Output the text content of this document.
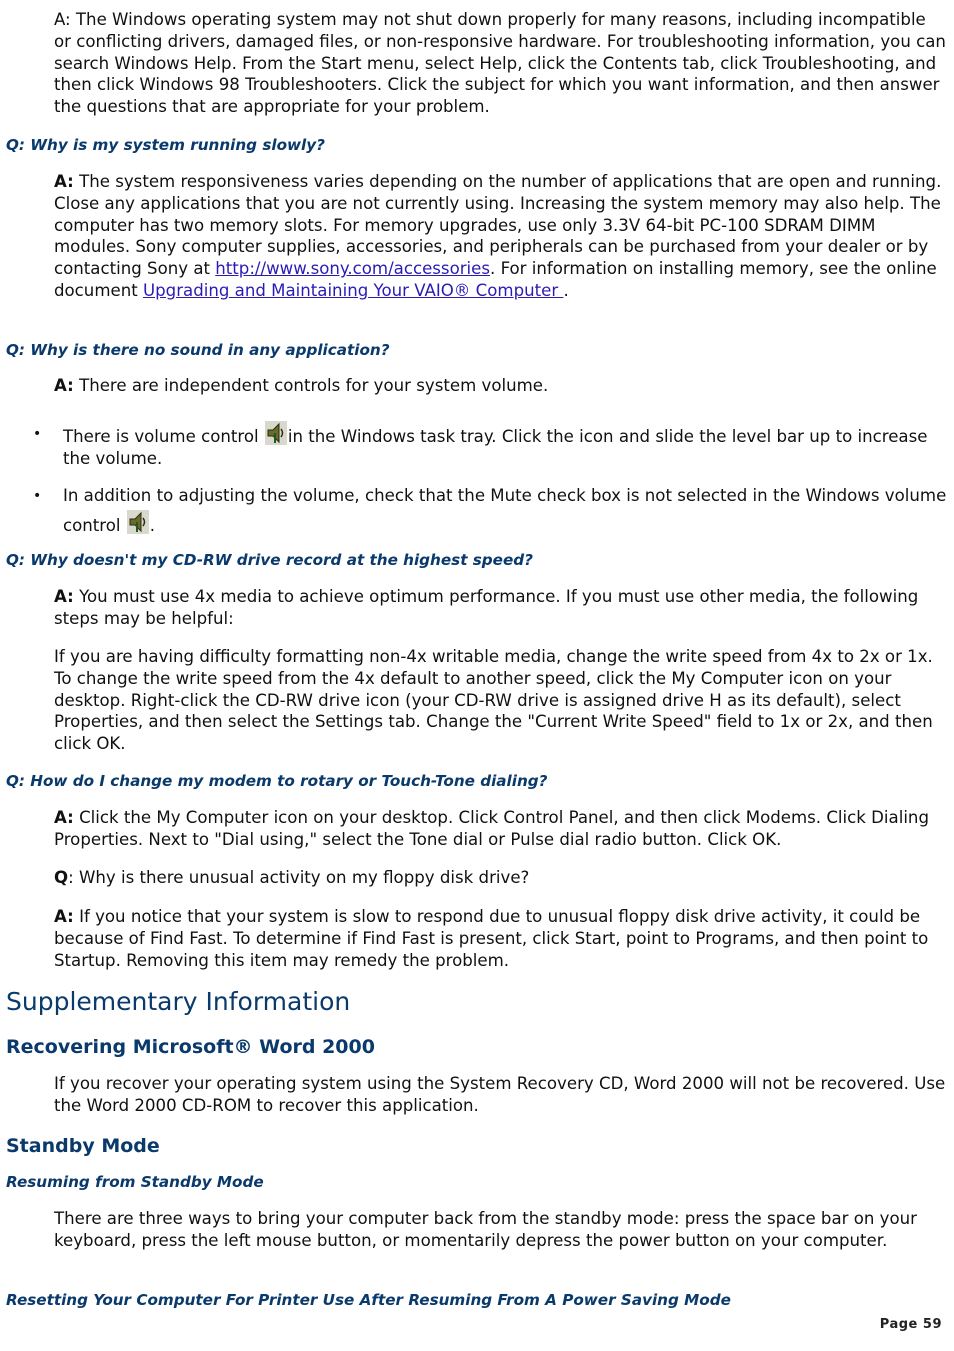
A: The Windows operating system may not shut down properly for many reasons, including incompatible or conflicting drivers, damaged files, or non-responsive hardware. For troubleshooting information, you can search Windows Help. From the Start menu, select Help, click the Contents tab, click Troubleshooting, and then click Windows 98 Troubleshooters. Click the subject for which you want information, and then answer the questions that are appropriate for your problem.

Q: Why is my system running slowly?

A: The system responsiveness varies depending on the number of applications that are open and running. Close any applications that you are not currently using. Increasing the system memory may also help. The computer has two memory slots. For memory upgrades, use only 3.3V 64-bit PC-100 SDRAM DIMM modules. Sony computer supplies, accessories, and peripherals can be purchased from your dealer or by contacting Sony at http://www.sony.com/accessories. For information on installing memory, see the online document Upgrading and Maintaining Your VAIO® Computer .

Q: Why is there no sound in any application?

A: There are independent controls for your system volume.

• There is volume control in the Windows task tray. Click the icon and slide the level bar up to increase the volume.

• In addition to adjusting the volume, check that the Mute check box is not selected in the Windows volume control .

Q: Why doesn't my CD-RW drive record at the highest speed?

A: You must use 4x media to achieve optimum performance. If you must use other media, the following steps may be helpful:

If you are having difficulty formatting non-4x writable media, change the write speed from 4x to 2x or 1x. To change the write speed from the 4x default to another speed, click the My Computer icon on your desktop. Right-click the CD-RW drive icon (your CD-RW drive is assigned drive H as its default), select Properties, and then select the Settings tab. Change the "Current Write Speed" field to 1x or 2x, and then click OK.

Q: How do I change my modem to rotary or Touch-Tone dialing?

A: Click the My Computer icon on your desktop. Click Control Panel, and then click Modems. Click Dialing Properties. Next to "Dial using," select the Tone dial or Pulse dial radio button. Click OK.

Q: Why is there unusual activity on my floppy disk drive?

A: If you notice that your system is slow to respond due to unusual floppy disk drive activity, it could be because of Find Fast. To determine if Find Fast is present, click Start, point to Programs, and then point to Startup. Removing this item may remedy the problem.

Supplementary Information
Recovering Microsoft® Word 2000

If you recover your operating system using the System Recovery CD, Word 2000 will not be recovered. Use the Word 2000 CD-ROM to recover this application.

Standby Mode

Resuming from Standby Mode

There are three ways to bring your computer back from the standby mode: press the space bar on your keyboard, press the left mouse button, or momentarily depress the power button on your computer.

Resetting Your Computer For Printer Use After Resuming From A Power Saving Mode

Page 59
